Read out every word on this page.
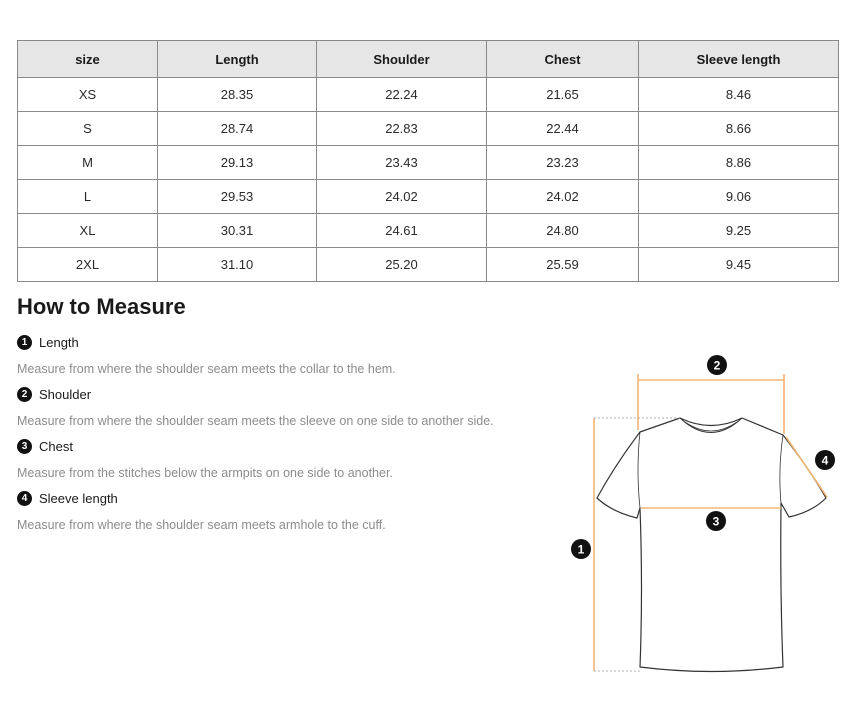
size	Length	Shoulder	Chest	Sleeve length
XS	28.35	22.24	21.65	8.46
S	28.74	22.83	22.44	8.66
M	29.13	23.43	23.23	8.86
L	29.53	24.02	24.02	9.06
XL	30.31	24.61	24.80	9.25
2XL	31.10	25.20	25.59	9.45
How to Measure
1 Length
Measure from where the shoulder seam meets the collar to the hem.
2 Shoulder
Measure from where the shoulder seam meets the sleeve on one side to another side.
3 Chest
Measure from the stitches below the armpits on one side to another.
4 Sleeve length
Measure from where the shoulder seam meets armhole to the cuff.
1
2
3
4
